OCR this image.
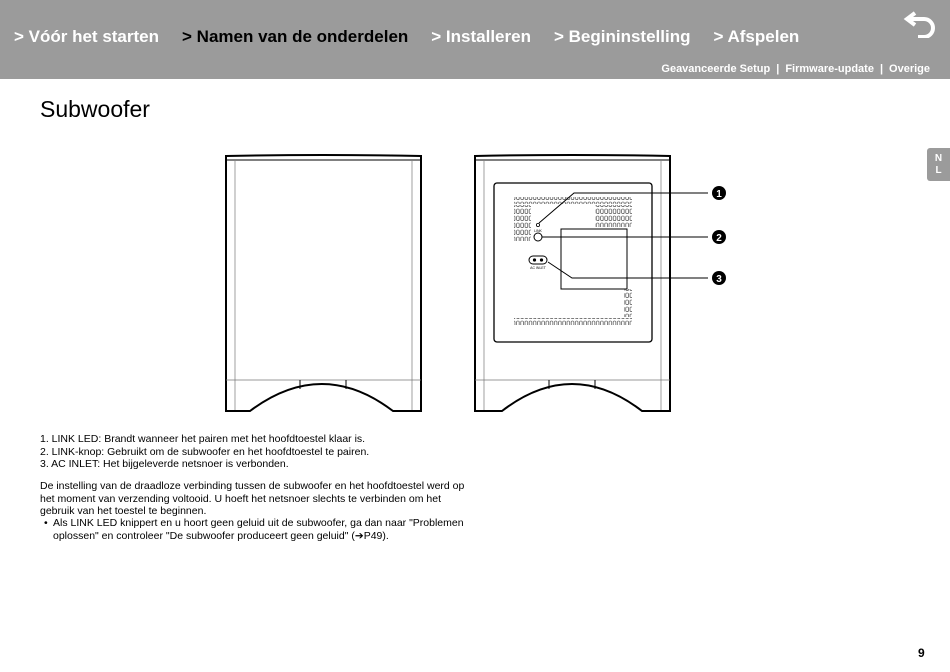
> Vóór het starten > Namen van de onderdelen > Installeren > Begininstelling > Afspelen
Geavanceerde Setup | Firmware-update | Overige
Subwoofer
N
L
LINK
AC INLET
1
2
3
1. LINK LED: Brandt wanneer het pairen met het hoofdtoestel klaar is.
2. LINK-knop: Gebruikt om de subwoofer en het hoofdtoestel te pairen.
3. AC INLET: Het bijgeleverde netsnoer is verbonden.
De instelling van de draadloze verbinding tussen de subwoofer en het hoofdtoestel werd op
het moment van verzending voltooid. U hoeft het netsnoer slechts te verbinden om het
gebruik van het toestel te beginnen.
• Als LINK LED knippert en u hoort geen geluid uit de subwoofer, ga dan naar "Problemen
oplossen" en controleer "De subwoofer produceert geen geluid" (➔P49).
9
